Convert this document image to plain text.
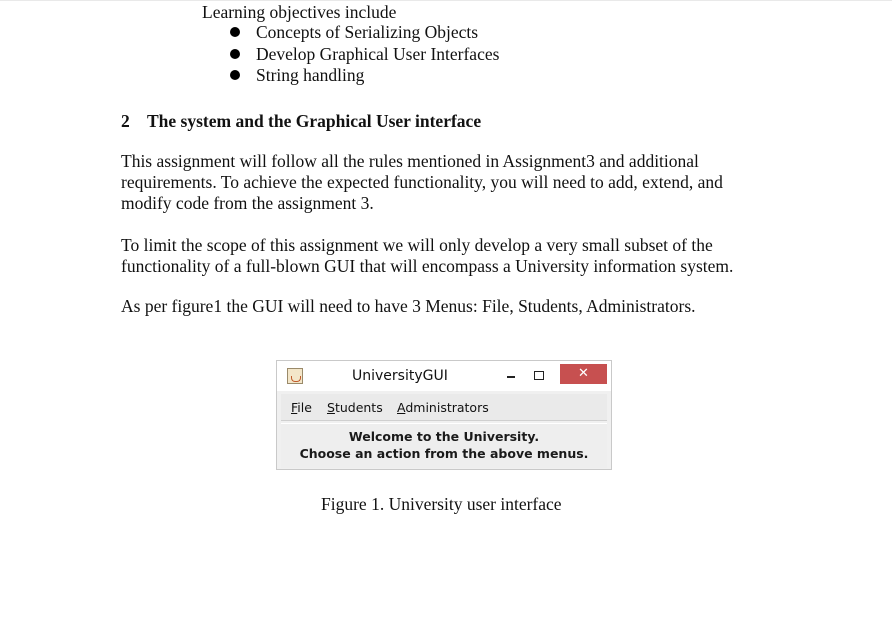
Learning objectives include
Concepts of Serializing Objects
Develop Graphical User Interfaces
String handling
2 The system and the Graphical User interface
This assignment will follow all the rules mentioned in Assignment3 and additional
requirements. To achieve the expected functionality, you will need to add, extend, and
modify code from the assignment 3.
To limit the scope of this assignment we will only develop a very small subset of the
functionality of a full-blown GUI that will encompass a University information system.
As per figure1 the GUI will need to have 3 Menus: File, Students, Administrators.
UniversityGUI	✕
File Students Administrators
Welcome to the University.
Choose an action from the above menus.
Figure 1. University user interface
